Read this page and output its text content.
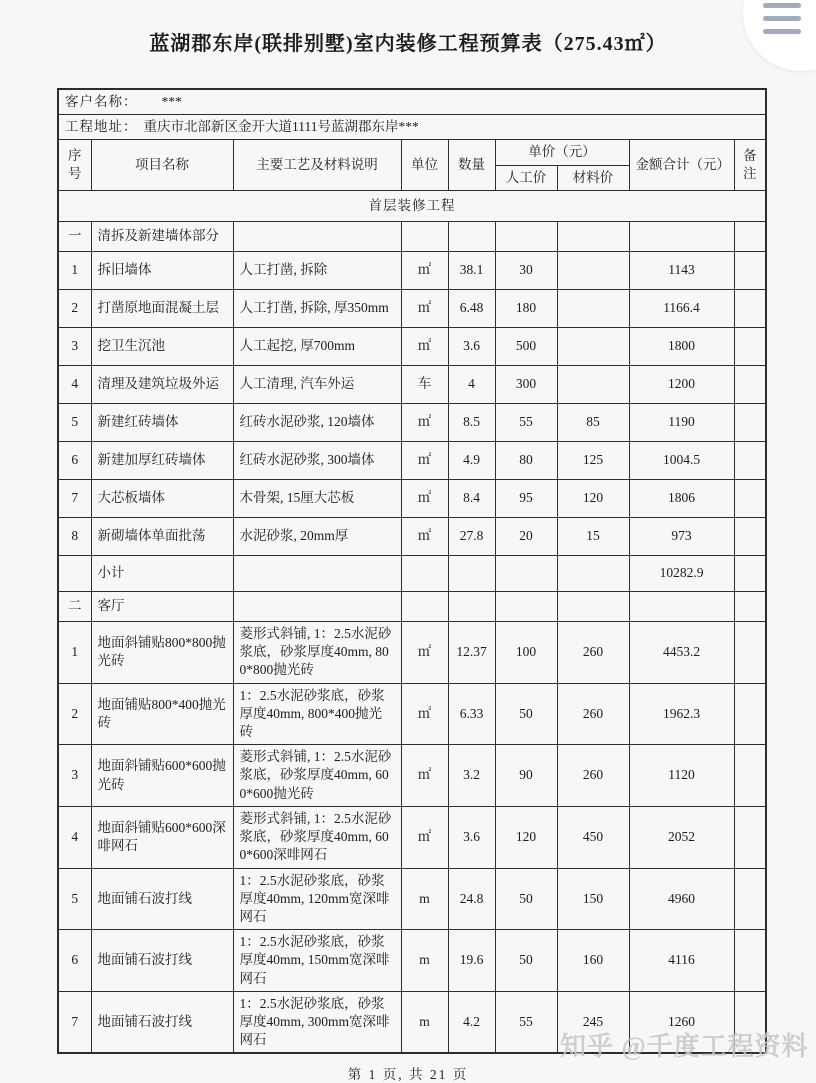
蓝湖郡东岸(联排别墅)室内装修工程预算表（275.43㎡）
客户名称： ***								
工程地址： 重庆市北部新区金开大道1111号蓝湖郡东岸***								
序号	项目名称	主要工艺及材料说明	单位	数量	单价（元）		金额合计（元）	备注
					人工价	材料价		
首层装修工程								
一	清拆及新建墙体部分							
1	拆旧墙体	人工打凿, 拆除	㎡	38.1	30		1143	
2	打凿原地面混凝土层	人工打凿, 拆除, 厚350mm	㎡	6.48	180		1166.4	
3	挖卫生沉池	人工起挖, 厚700mm	㎡	3.6	500		1800	
4	清理及建筑垃圾外运	人工清理, 汽车外运	车	4	300		1200	
5	新建红砖墙体	红砖水泥砂浆, 120墙体	㎡	8.5	55	85	1190	
6	新建加厚红砖墙体	红砖水泥砂浆, 300墙体	㎡	4.9	80	125	1004.5	
7	大芯板墙体	木骨架, 15厘大芯板	㎡	8.4	95	120	1806	
8	新砌墙体单面批荡	水泥砂浆, 20mm厚	㎡	27.8	20	15	973	
	小计						10282.9	
二	客厅							
1	地面斜铺贴800*800抛光砖	菱形式斜铺, 1：2.5水泥砂浆底，砂浆厚度40mm, 800*800抛光砖	㎡	12.37	100	260	4453.2	
2	地面铺贴800*400抛光砖	1：2.5水泥砂浆底，砂浆厚度40mm, 800*400抛光砖	㎡	6.33	50	260	1962.3	
3	地面斜铺贴600*600抛光砖	菱形式斜铺, 1：2.5水泥砂浆底，砂浆厚度40mm, 600*600抛光砖	㎡	3.2	90	260	1120	
4	地面斜铺贴600*600深啡网石	菱形式斜铺, 1：2.5水泥砂浆底，砂浆厚度40mm, 600*600深啡网石	㎡	3.6	120	450	2052	
5	地面铺石波打线	1：2.5水泥砂浆底，砂浆厚度40mm, 120mm宽深啡网石	m	24.8	50	150	4960	
6	地面铺石波打线	1：2.5水泥砂浆底，砂浆厚度40mm, 150mm宽深啡网石	m	19.6	50	160	4116	
7	地面铺石波打线	1：2.5水泥砂浆底，砂浆厚度40mm, 300mm宽深啡网石	m	4.2	55	245	1260	
第 1 页, 共 21 页
知乎 @千度工程资料
